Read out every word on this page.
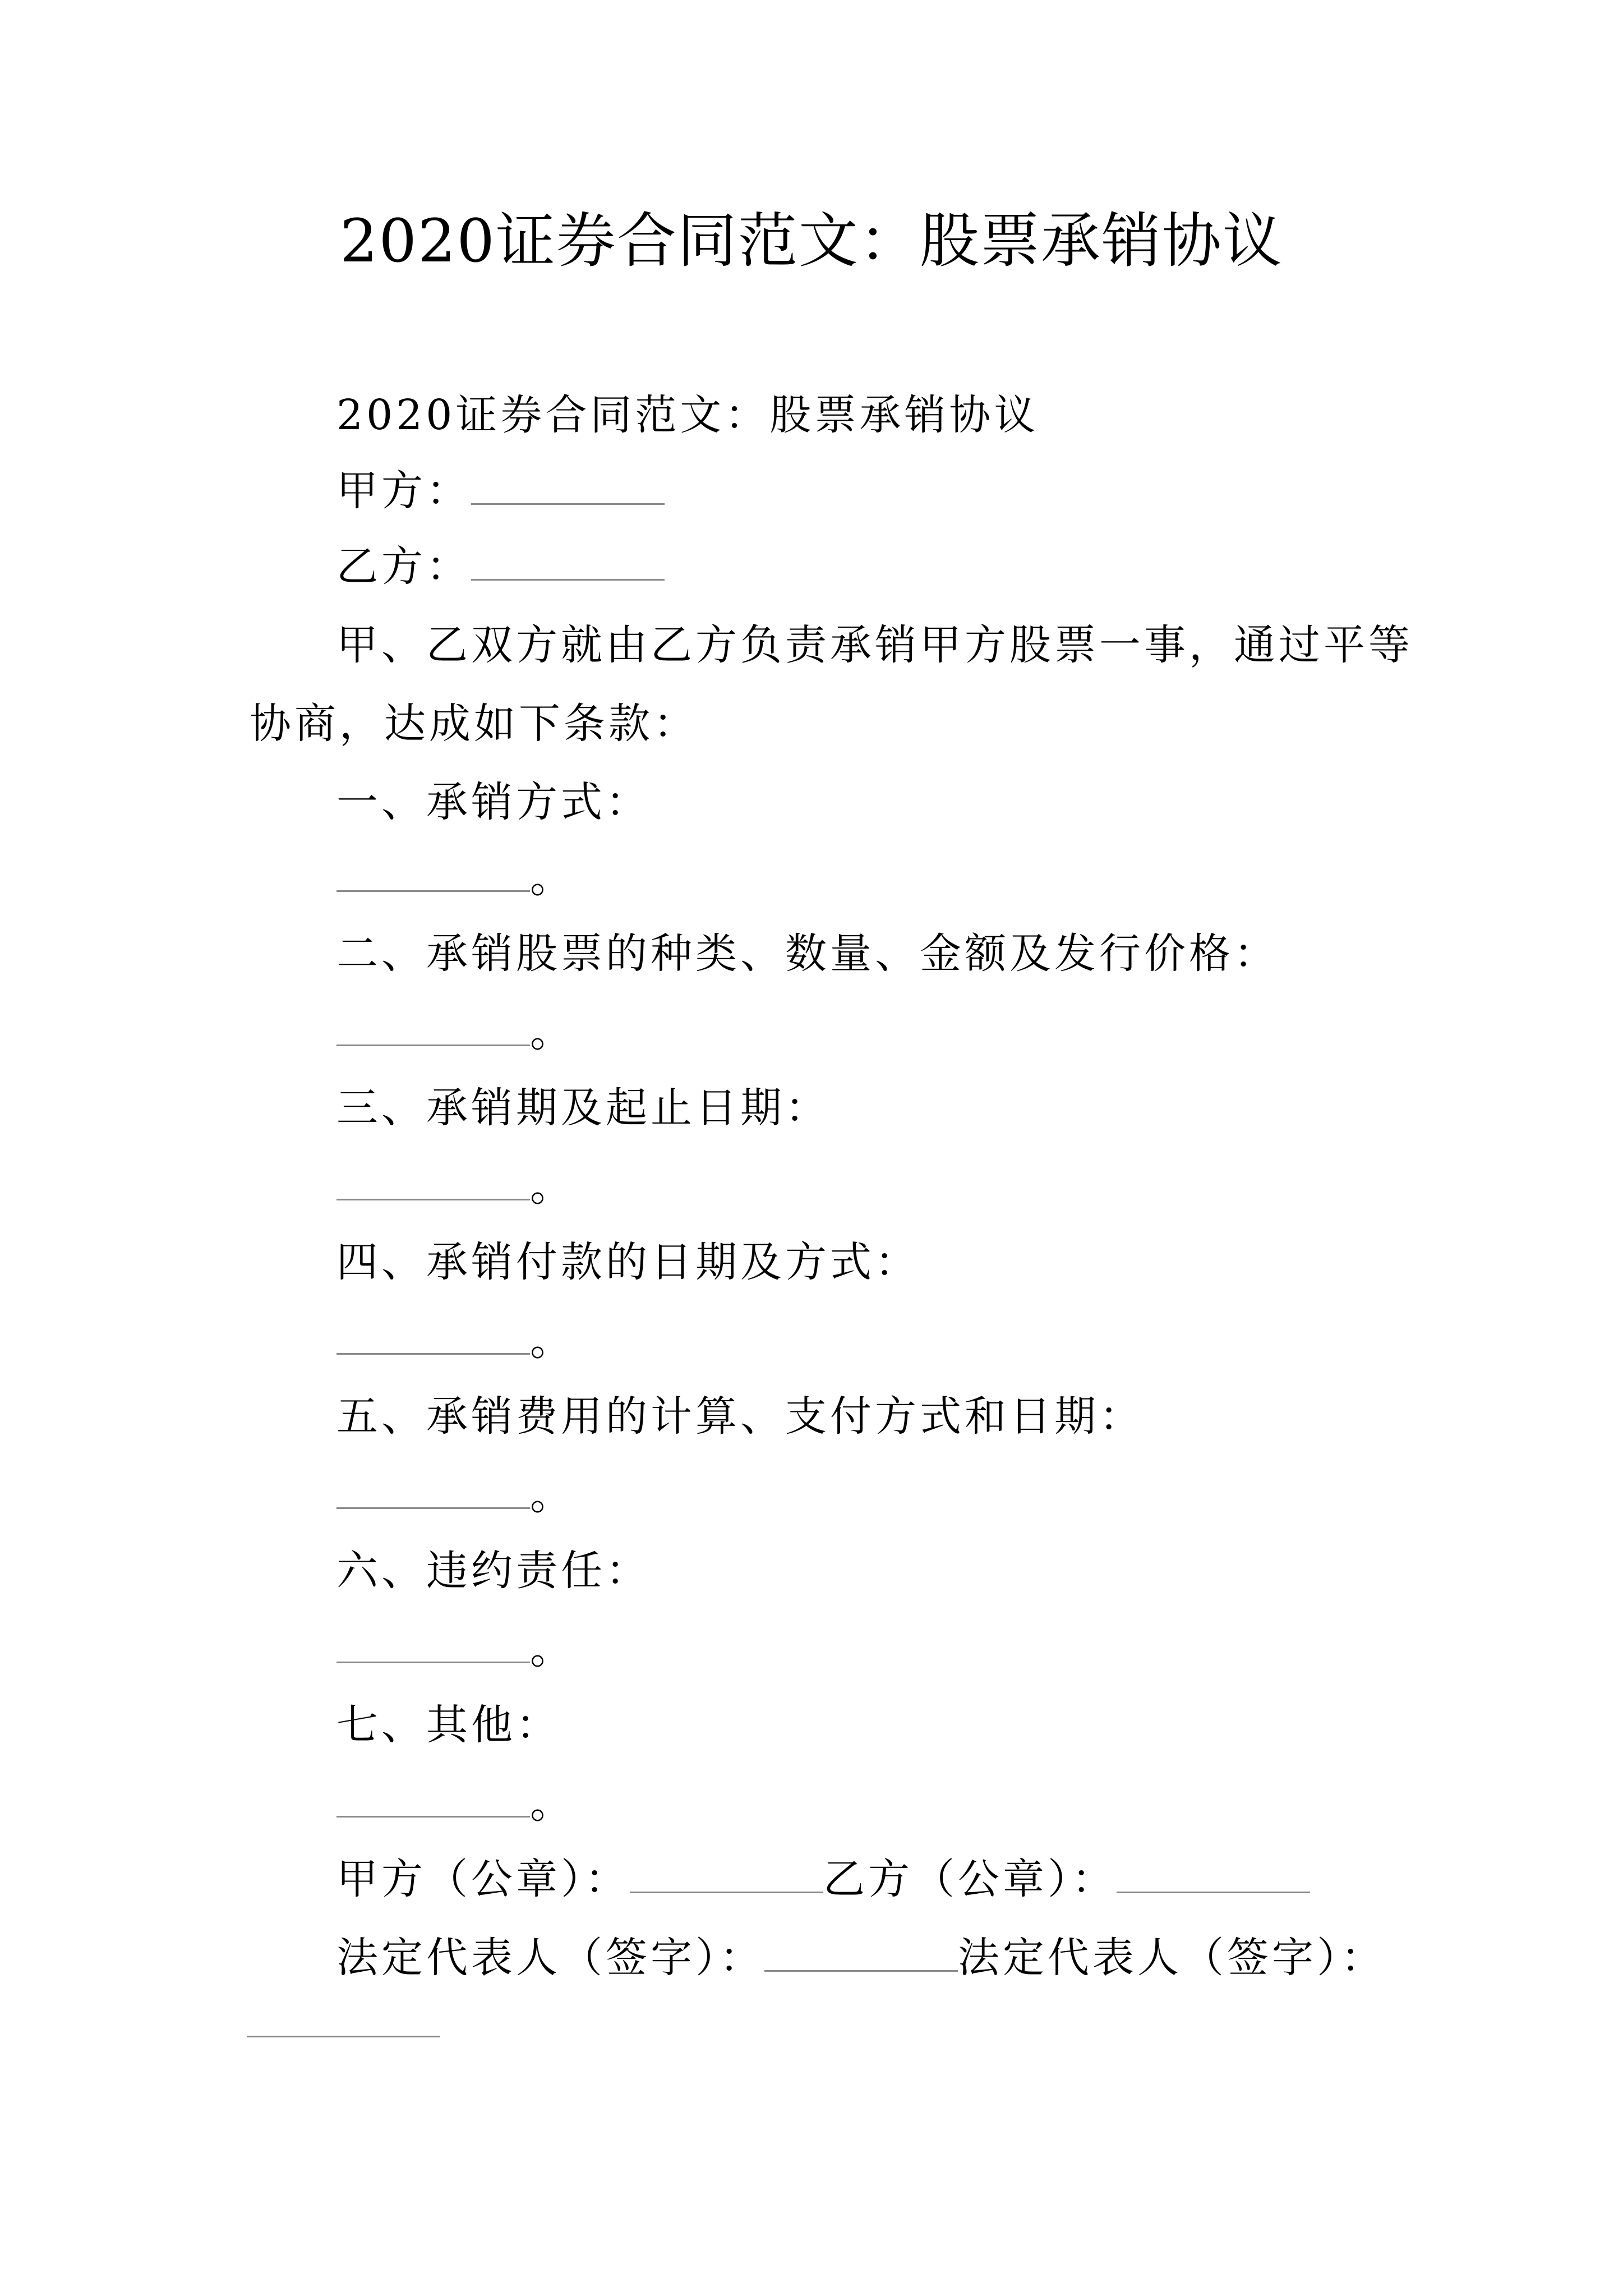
2020证券合同范文：股票承销协议
2020证券合同范文：股票承销协议
甲方：
乙方：
甲、乙双方就由乙方负责承销甲方股票一事，通过平等
协商，达成如下条款：
一、承销方式：
。
二、承销股票的种类、数量、金额及发行价格：
。
三、承销期及起止日期：
。
四、承销付款的日期及方式：
。
五、承销费用的计算、支付方式和日期：
。
六、违约责任：
。
七、其他：
。
甲方（公章）：	乙方（公章）：
法定代表人（签字）：	法定代表人（签字）：
